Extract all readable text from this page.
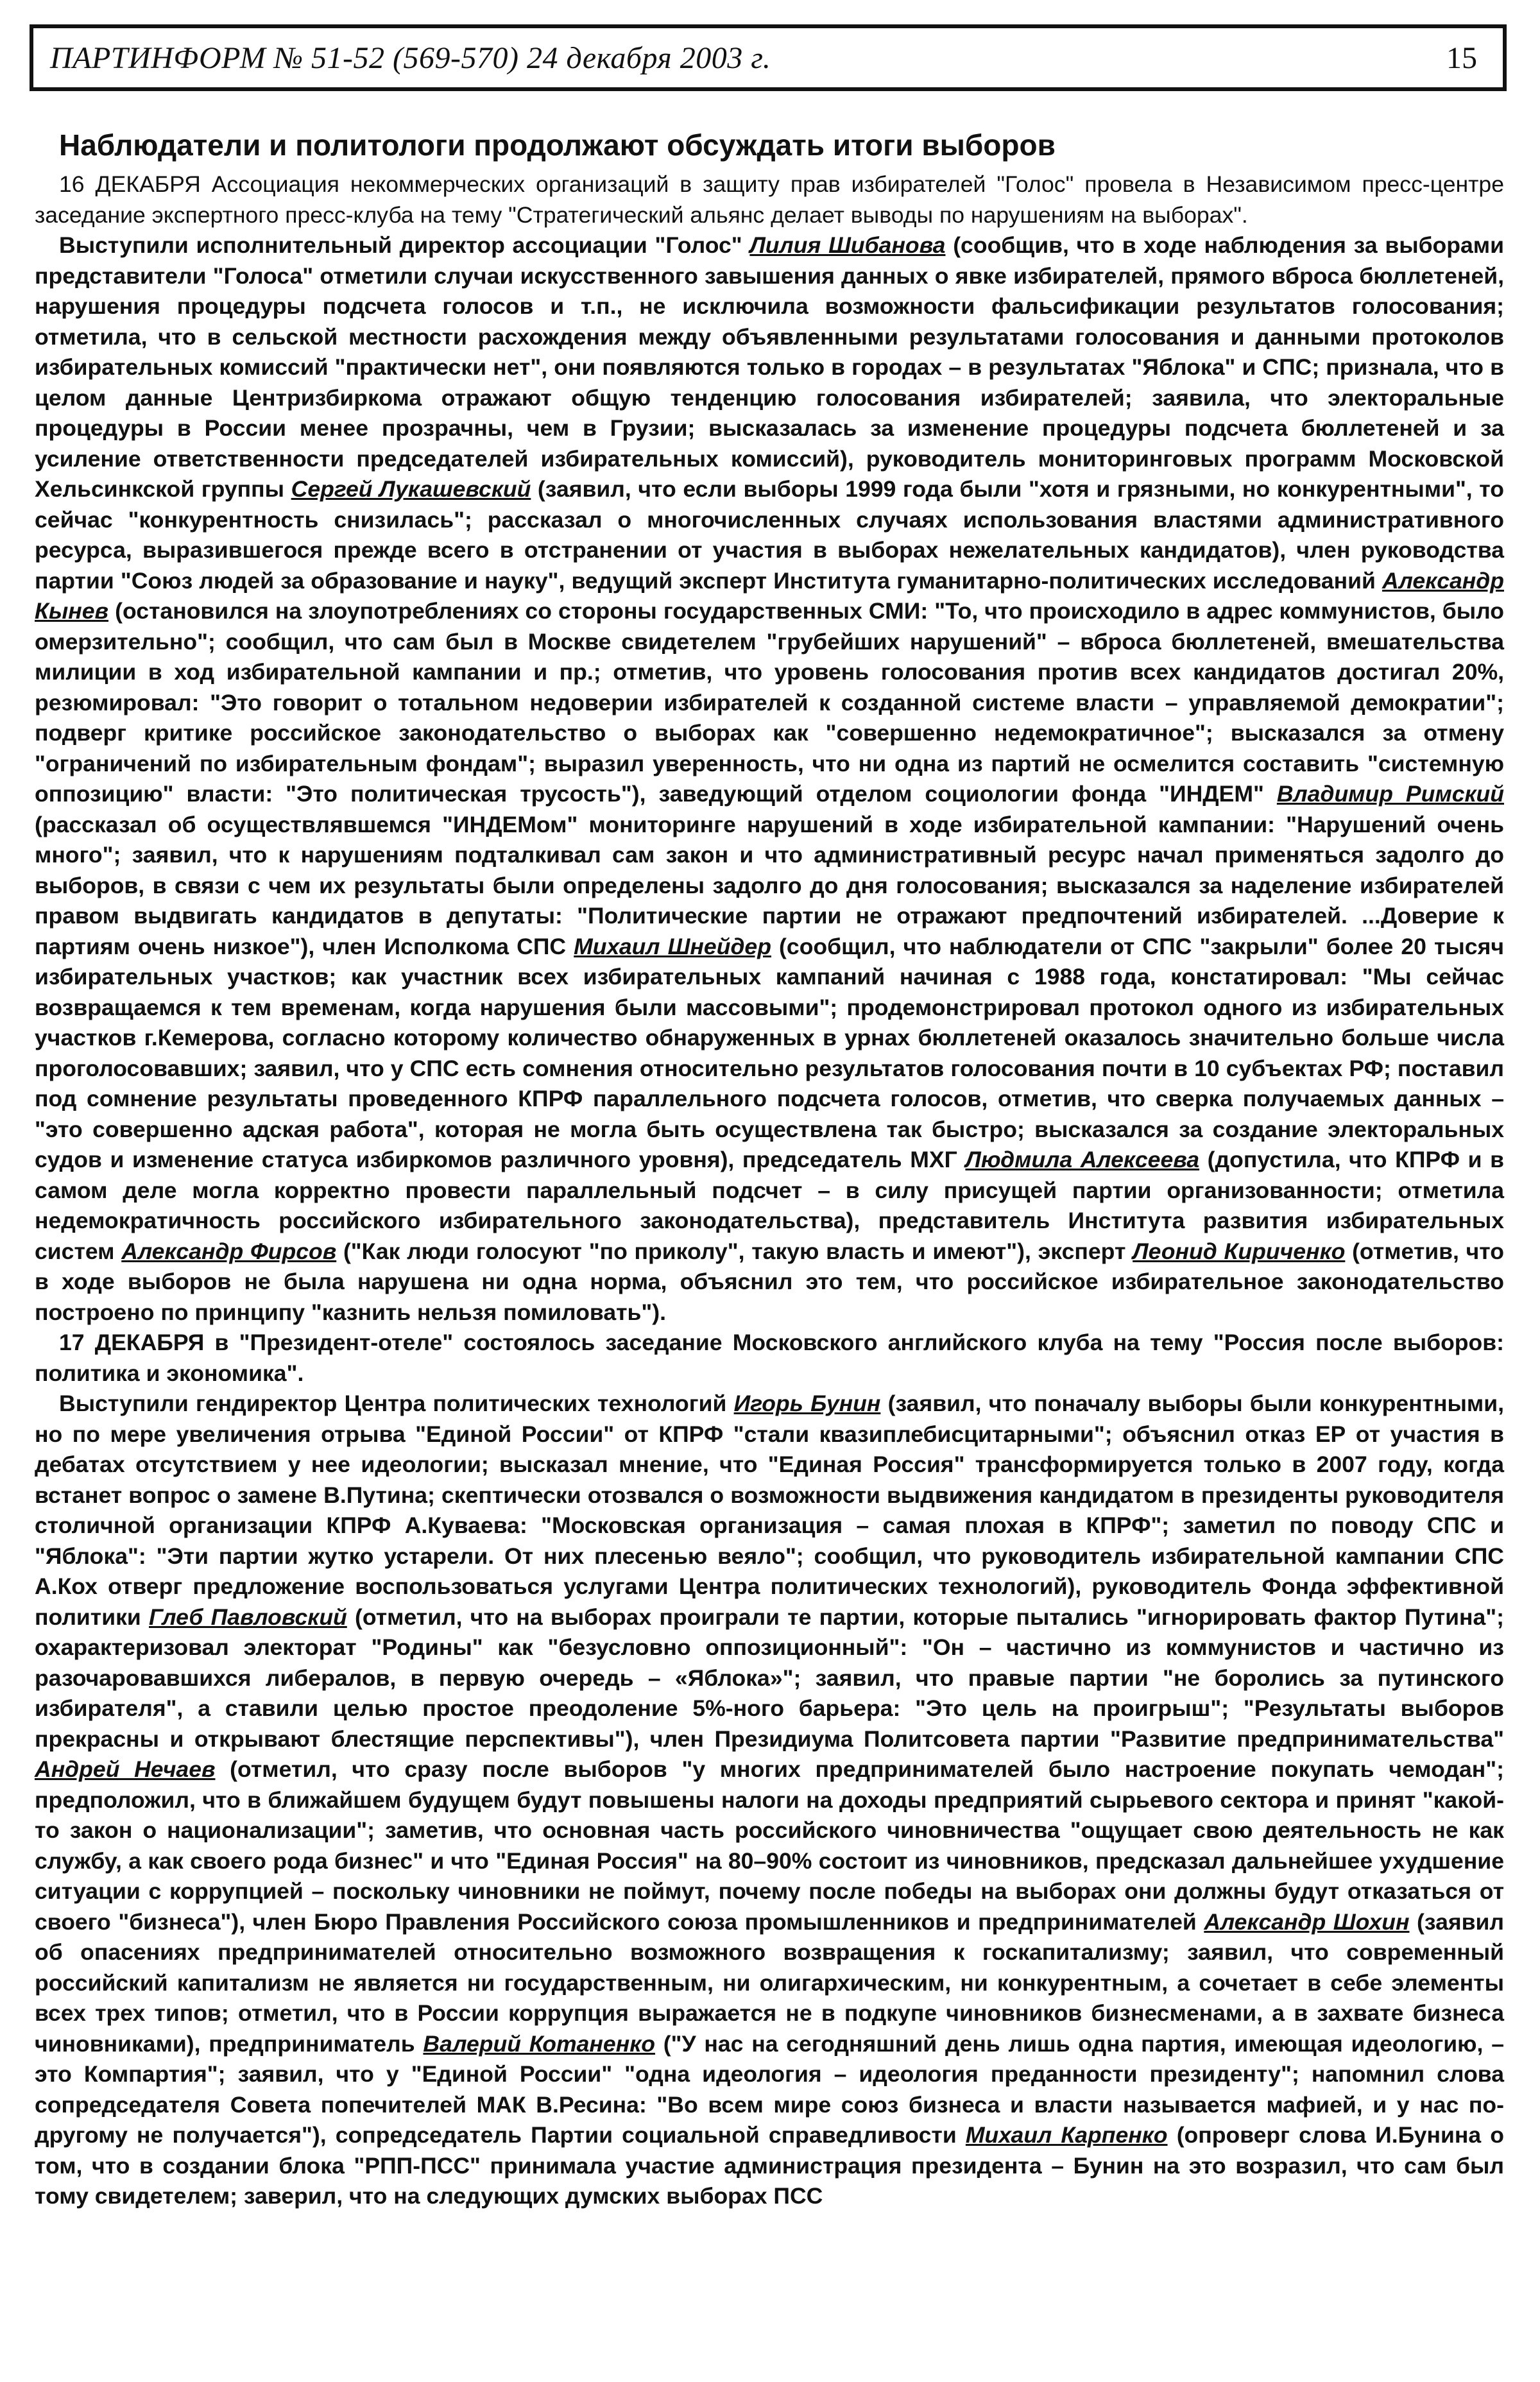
ПАРТИНФОРМ № 51-52 (569-570) 24 декабря 2003 г.	15
Наблюдатели и политологи продолжают обсуждать итоги выборов

16 ДЕКАБРЯ Ассоциация некоммерческих организаций в защиту прав избирателей "Голос" провела в Независимом пресс-центре заседание экспертного пресс-клуба на тему "Стратегический альянс делает выводы по нарушениям на выборах".

Выступили исполнительный директор ассоциации "Голос" Лилия Шибанова (сообщив, что в ходе наблюдения за выборами представители "Голоса" отметили случаи искусственного завышения данных о явке избирателей, прямого вброса бюллетеней, нарушения процедуры подсчета голосов и т.п., не исключила возможности фальсификации результатов голосования; отметила, что в сельской местности расхождения между объявленными результатами голосования и данными протоколов избирательных комиссий "практически нет", они появляются только в городах – в результатах "Яблока" и СПС; признала, что в целом данные Центризбиркома отражают общую тенденцию голосования избирателей; заявила, что электоральные процедуры в России менее прозрачны, чем в Грузии; высказалась за изменение процедуры подсчета бюллетеней и за усиление ответственности председателей избирательных комиссий), руководитель мониторинговых программ Московской Хельсинкской группы Сергей Лукашевский (заявил, что если выборы 1999 года были "хотя и грязными, но конкурентными", то сейчас "конкурентность снизилась"; рассказал о многочисленных случаях использования властями административного ресурса, выразившегося прежде всего в отстранении от участия в выборах нежелательных кандидатов), член руководства партии "Союз людей за образование и науку", ведущий эксперт Института гуманитарно-политических исследований Александр Кынев (остановился на злоупотреблениях со стороны государственных СМИ: "То, что происходило в адрес коммунистов, было омерзительно"; сообщил, что сам был в Москве свидетелем "грубейших нарушений" – вброса бюллетеней, вмешательства милиции в ход избирательной кампании и пр.; отметив, что уровень голосования против всех кандидатов достигал 20%, резюмировал: "Это говорит о тотальном недоверии избирателей к созданной системе власти – управляемой демократии"; подверг критике российское законодательство о выборах как "совершенно недемократичное"; высказался за отмену "ограничений по избирательным фондам"; выразил уверенность, что ни одна из партий не осмелится составить "системную оппозицию" власти: "Это политическая трусость"), заведующий отделом социологии фонда "ИНДЕМ" Владимир Римский (рассказал об осуществлявшемся "ИНДЕМом" мониторинге нарушений в ходе избирательной кампании: "Нарушений очень много"; заявил, что к нарушениям подталкивал сам закон и что административный ресурс начал применяться задолго до выборов, в связи с чем их результаты были определены задолго до дня голосования; высказался за наделение избирателей правом выдвигать кандидатов в депутаты: "Политические партии не отражают предпочтений избирателей. ...Доверие к партиям очень низкое"), член Исполкома СПС Михаил Шнейдер (сообщил, что наблюдатели от СПС "закрыли" более 20 тысяч избирательных участков; как участник всех избирательных кампаний начиная с 1988 года, констатировал: "Мы сейчас возвращаемся к тем временам, когда нарушения были массовыми"; продемонстрировал протокол одного из избирательных участков г.Кемерова, согласно которому количество обнаруженных в урнах бюллетеней оказалось значительно больше числа проголосовавших; заявил, что у СПС есть сомнения относительно результатов голосования почти в 10 субъектах РФ; поставил под сомнение результаты проведенного КПРФ параллельного подсчета голосов, отметив, что сверка получаемых данных – "это совершенно адская работа", которая не могла быть осуществлена так быстро; высказался за создание электоральных судов и изменение статуса избиркомов различного уровня), председатель МХГ Людмила Алексеева (допустила, что КПРФ и в самом деле могла корректно провести параллельный подсчет – в силу присущей партии организованности; отметила недемократичность российского избирательного законодательства), представитель Института развития избирательных систем Александр Фирсов ("Как люди голосуют "по приколу", такую власть и имеют"), эксперт Леонид Кириченко (отметив, что в ходе выборов не была нарушена ни одна норма, объяснил это тем, что российское избирательное законодательство построено по принципу "казнить нельзя помиловать").

17 ДЕКАБРЯ в "Президент-отеле" состоялось заседание Московского английского клуба на тему "Россия после выборов: политика и экономика".

Выступили гендиректор Центра политических технологий Игорь Бунин (заявил, что поначалу выборы были конкурентными, но по мере увеличения отрыва "Единой России" от КПРФ "стали квазиплебисцитарными"; объяснил отказ ЕР от участия в дебатах отсутствием у нее идеологии; высказал мнение, что "Единая Россия" трансформируется только в 2007 году, когда встанет вопрос о замене В.Путина; скептически отозвался о возможности выдвижения кандидатом в президенты руководителя столичной организации КПРФ А.Куваева: "Московская организация – самая плохая в КПРФ"; заметил по поводу СПС и "Яблока": "Эти партии жутко устарели. От них плесенью веяло"; сообщил, что руководитель избирательной кампании СПС А.Кох отверг предложение воспользоваться услугами Центра политических технологий), руководитель Фонда эффективной политики Глеб Павловский (отметил, что на выборах проиграли те партии, которые пытались "игнорировать фактор Путина"; охарактеризовал электорат "Родины" как "безусловно оппозиционный": "Он – частично из коммунистов и частично из разочаровавшихся либералов, в первую очередь – «Яблока»"; заявил, что правые партии "не боролись за путинского избирателя", а ставили целью простое преодоление 5%-ного барьера: "Это цель на проигрыш"; "Результаты выборов прекрасны и открывают блестящие перспективы"), член Президиума Политсовета партии "Развитие предпринимательства" Андрей Нечаев (отметил, что сразу после выборов "у многих предпринимателей было настроение покупать чемодан"; предположил, что в ближайшем будущем будут повышены налоги на доходы предприятий сырьевого сектора и принят "какой-то закон о национализации"; заметив, что основная часть российского чиновничества "ощущает свою деятельность не как службу, а как своего рода бизнес" и что "Единая Россия" на 80–90% состоит из чиновников, предсказал дальнейшее ухудшение ситуации с коррупцией – поскольку чиновники не поймут, почему после победы на выборах они должны будут отказаться от своего "бизнеса"), член Бюро Правления Российского союза промышленников и предпринимателей Александр Шохин (заявил об опасениях предпринимателей относительно возможного возвращения к госкапитализму; заявил, что современный российский капитализм не является ни государственным, ни олигархическим, ни конкурентным, а сочетает в себе элементы всех трех типов; отметил, что в России коррупция выражается не в подкупе чиновников бизнесменами, а в захвате бизнеса чиновниками), предприниматель Валерий Котаненко ("У нас на сегодняшний день лишь одна партия, имеющая идеологию, – это Компартия"; заявил, что у "Единой России" "одна идеология – идеология преданности президенту"; напомнил слова сопредседателя Совета попечителей МАК В.Ресина: "Во всем мире союз бизнеса и власти называется мафией, и у нас по-другому не получается"), сопредседатель Партии социальной справедливости Михаил Карпенко (опроверг слова И.Бунина о том, что в создании блока "РПП-ПСС" принимала участие администрация президента – Бунин на это возразил, что сам был тому свидетелем; заверил, что на следующих думских выборах ПСС
